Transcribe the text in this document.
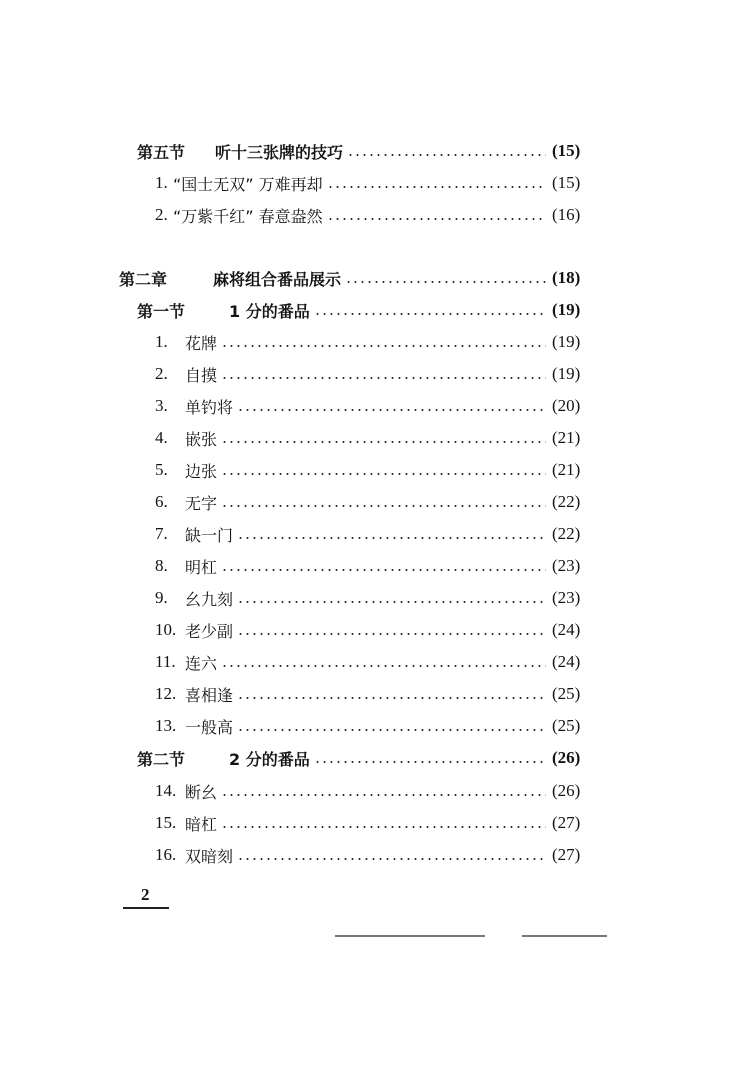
第五节	听十三张牌的技巧	(15)
1. “国士无双” 万难再却	(15)
2. “万紫千红” 春意盎然	(16)
第二章	麻将组合番品展示	(18)
第一节	1 分的番品	(19)
1.	花牌	(19)
2.	自摸	(19)
3.	单钓将	(20)
4.	嵌张	(21)
5.	边张	(21)
6.	无字	(22)
7.	缺一门	(22)
8.	明杠	(23)
9.	幺九刻	(23)
10. 老少副	(24)
11. 连六	(24)
12. 喜相逢	(25)
13. 一般高	(25)
第二节	2 分的番品	(26)
14. 断幺	(26)
15. 暗杠	(27)
16. 双暗刻	(27)
2
